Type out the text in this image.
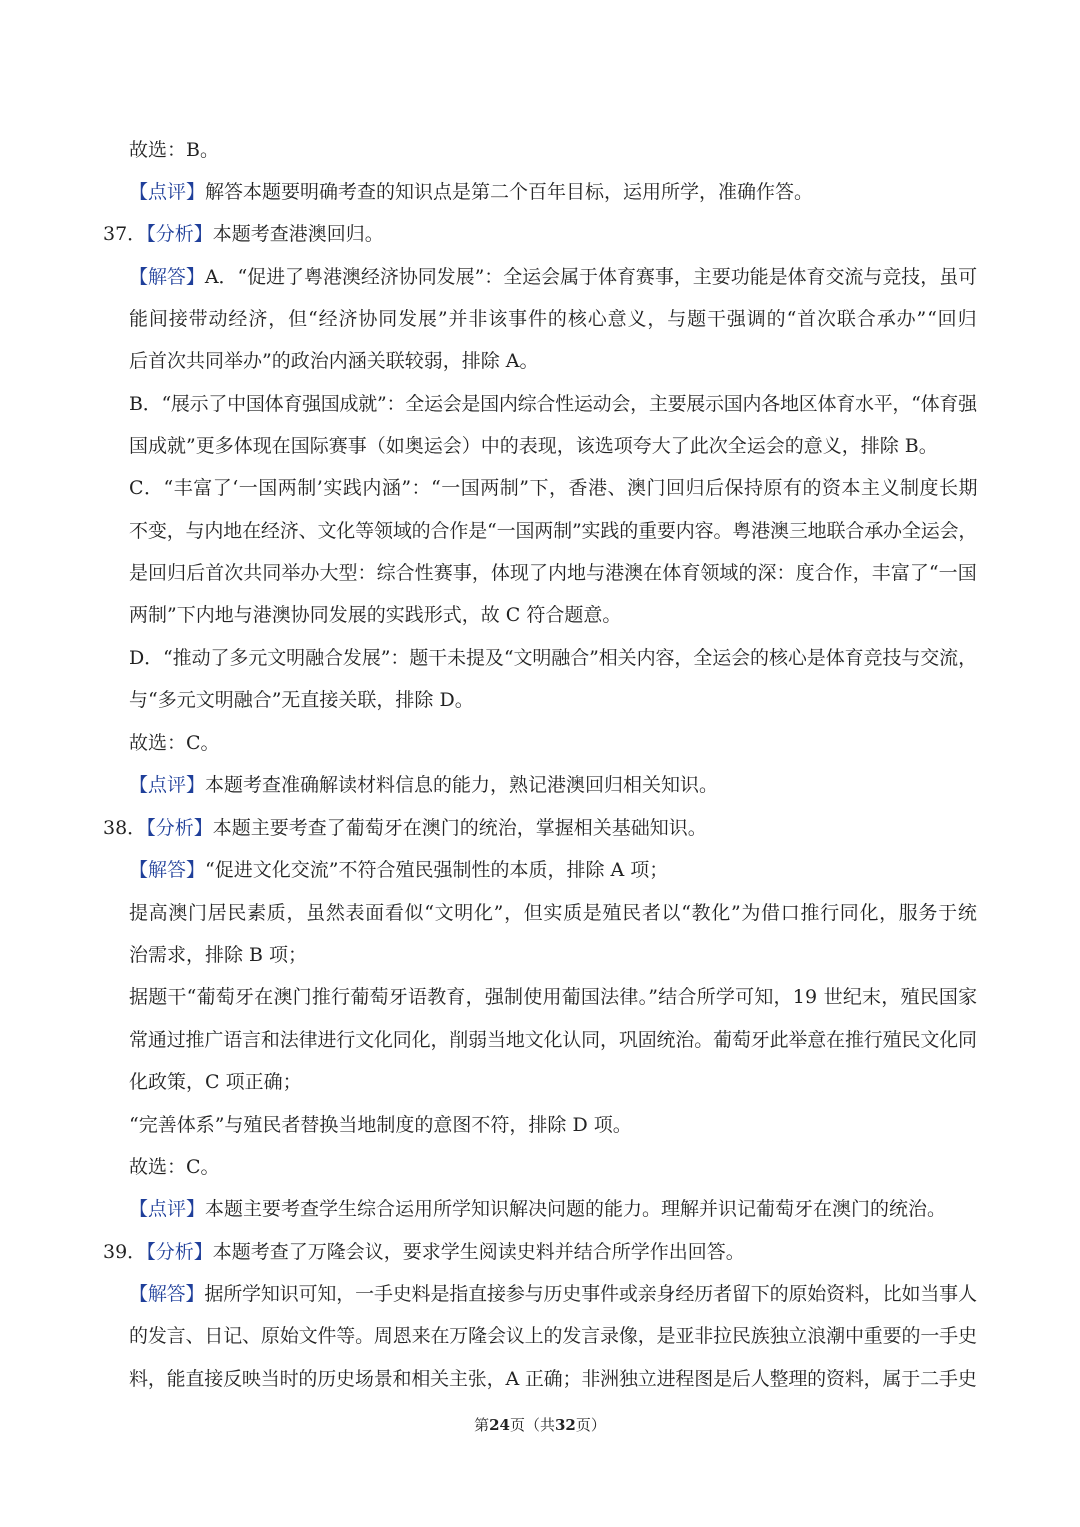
故选：B。
【点评】解答本题要明确考查的知识点是第二个百年目标，运用所学，准确作答。
37．【分析】本题考查港澳回归。
【解答】A．“促进了粤港澳经济协同发展”：全运会属于体育赛事，主要功能是体育交流与竞技，虽可
能间接带动经济，但“经济协同发展”并非该事件的核心意义，与题干强调的“首次联合承办”“回归
后首次共同举办”的政治内涵关联较弱，排除 A。
B．“展示了中国体育强国成就”：全运会是国内综合性运动会，主要展示国内各地区体育水平，“体育强
国成就”更多体现在国际赛事（如奥运会）中的表现，该选项夸大了此次全运会的意义，排除 B。
C．“丰富了‘一国两制’实践内涵”：“一国两制”下，香港、澳门回归后保持原有的资本主义制度长期
不变，与内地在经济、文化等领域的合作是“一国两制”实践的重要内容。粤港澳三地联合承办全运会，
是回归后首次共同举办大型：综合性赛事，体现了内地与港澳在体育领域的深：度合作，丰富了“一国
两制”下内地与港澳协同发展的实践形式，故 C 符合题意。
D．“推动了多元文明融合发展”：题干未提及“文明融合”相关内容，全运会的核心是体育竞技与交流，
与“多元文明融合”无直接关联，排除 D。
故选：C。
【点评】本题考查准确解读材料信息的能力，熟记港澳回归相关知识。
38．【分析】本题主要考查了葡萄牙在澳门的统治，掌握相关基础知识。
【解答】“促进文化交流”不符合殖民强制性的本质，排除 A 项；
提高澳门居民素质，虽然表面看似“文明化”，但实质是殖民者以“教化”为借口推行同化，服务于统
治需求，排除 B 项；
据题干“葡萄牙在澳门推行葡萄牙语教育，强制使用葡国法律。”结合所学可知，19 世纪末，殖民国家
常通过推广语言和法律进行文化同化，削弱当地文化认同，巩固统治。葡萄牙此举意在推行殖民文化同
化政策，C 项正确；
“完善体系”与殖民者替换当地制度的意图不符，排除 D 项。
故选：C。
【点评】本题主要考查学生综合运用所学知识解决问题的能力。理解并识记葡萄牙在澳门的统治。
39．【分析】本题考查了万隆会议，要求学生阅读史料并结合所学作出回答。
【解答】据所学知识可知，一手史料是指直接参与历史事件或亲身经历者留下的原始资料，比如当事人
的发言、日记、原始文件等。周恩来在万隆会议上的发言录像，是亚非拉民族独立浪潮中重要的一手史
料，能直接反映当时的历史场景和相关主张，A 正确；非洲独立进程图是后人整理的资料，属于二手史
第24页（共32页）
